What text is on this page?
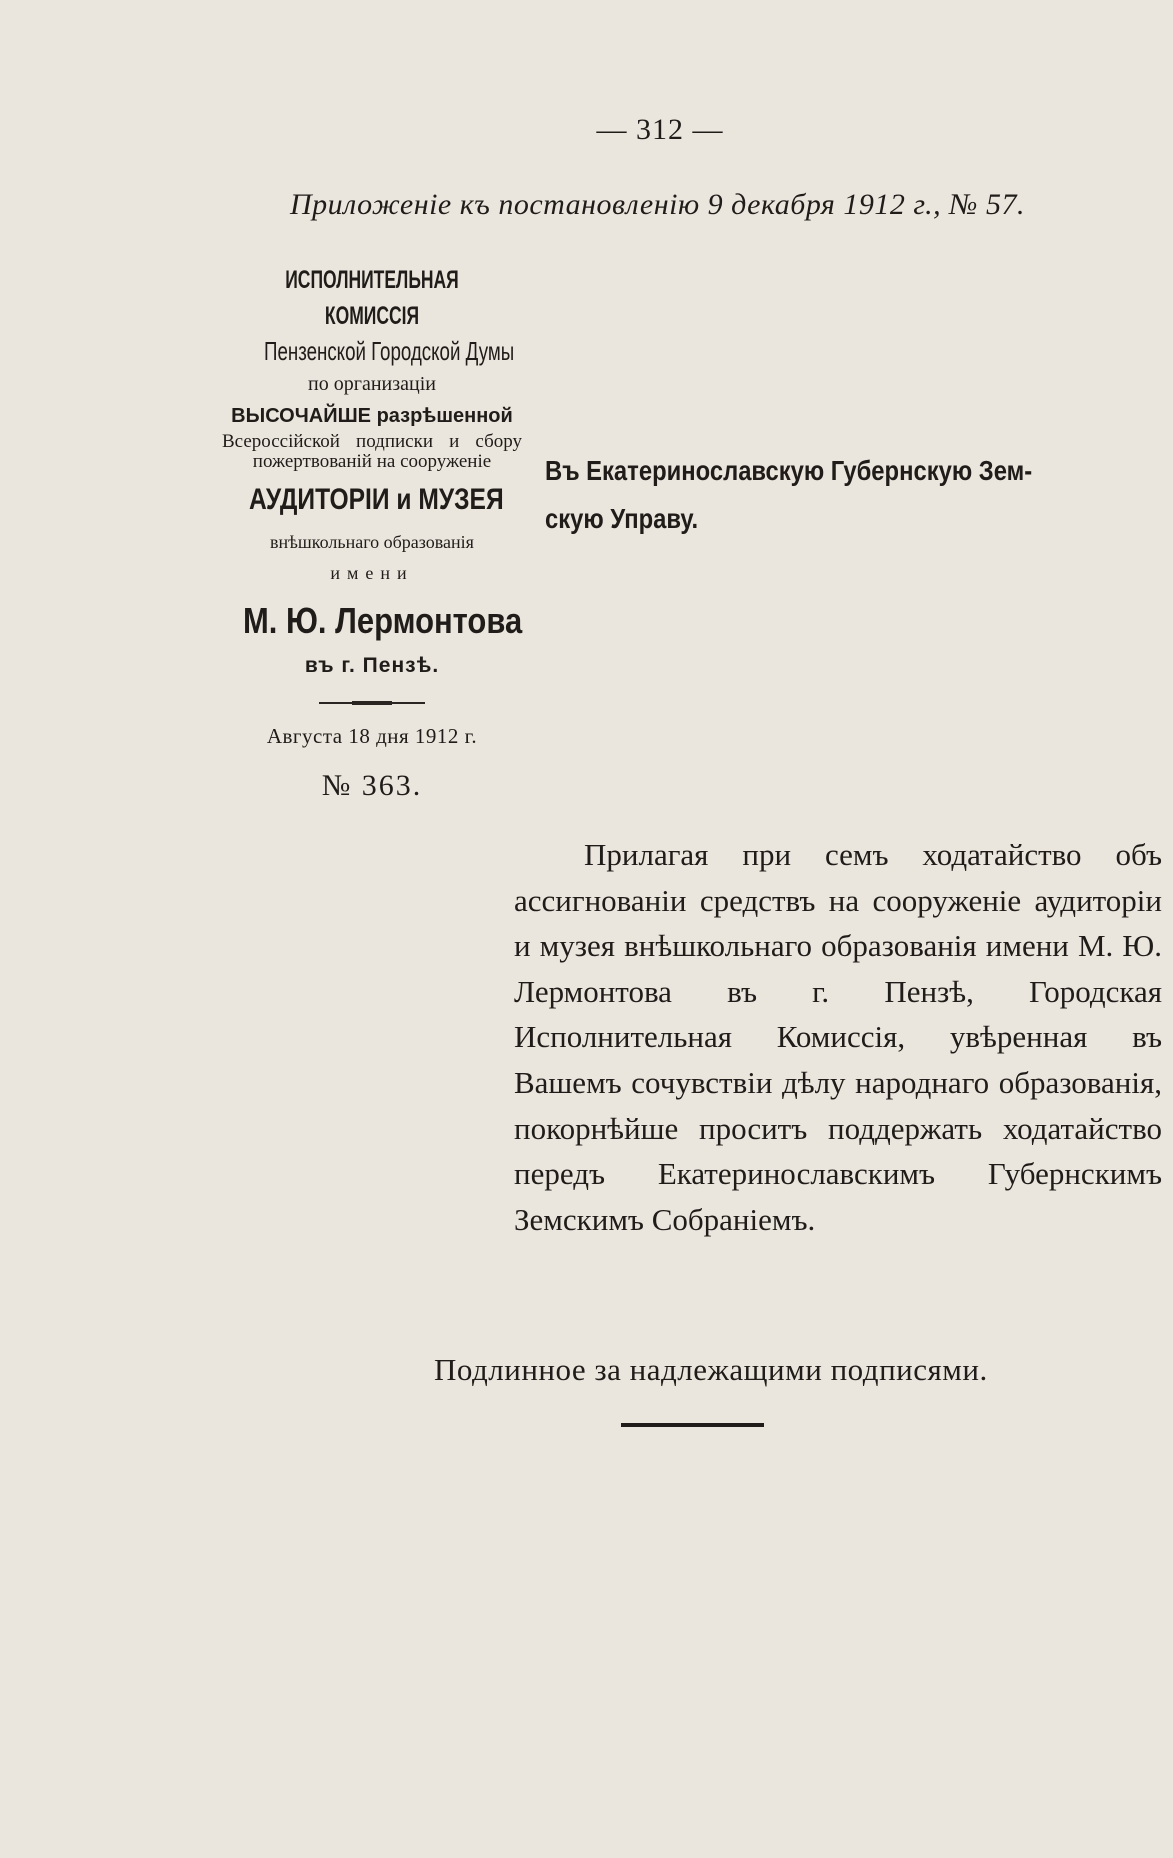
— 312 —
Приложеніе къ постановленію 9 декабря 1912 г., № 57.
ИСПОЛНИТЕЛЬНАЯ КОМИССІЯ
Пензенской Городской Думы
по организаціи
ВЫСОЧАЙШЕ разрѣшенной
Всероссійской подписки и сбору пожертвованій на сооруженіе
АУДИТОРІИ и МУЗЕЯ
внѣшкольнаго образованія
имени
М. Ю. Лермонтова
въ г. Пензѣ.
Августа 18 дня 1912 г.
№ 363.
Въ Екатеринославскую Губернскую Зем-
скую Управу.
Прилагая при семъ ходатайство объ ассигнованіи средствъ на сооруженіе аудиторіи и музея внѣшкольнаго образованія имени М. Ю. Лермонтова въ г. Пензѣ, Городская Исполнительная Комиссія, увѣренная въ Вашемъ сочувствіи дѣлу народнаго образованія, покорнѣйше проситъ поддержать ходатайство передъ Екатеринославскимъ Губернскимъ Земскимъ Собраніемъ.
Подлинное за надлежащими подписями.
